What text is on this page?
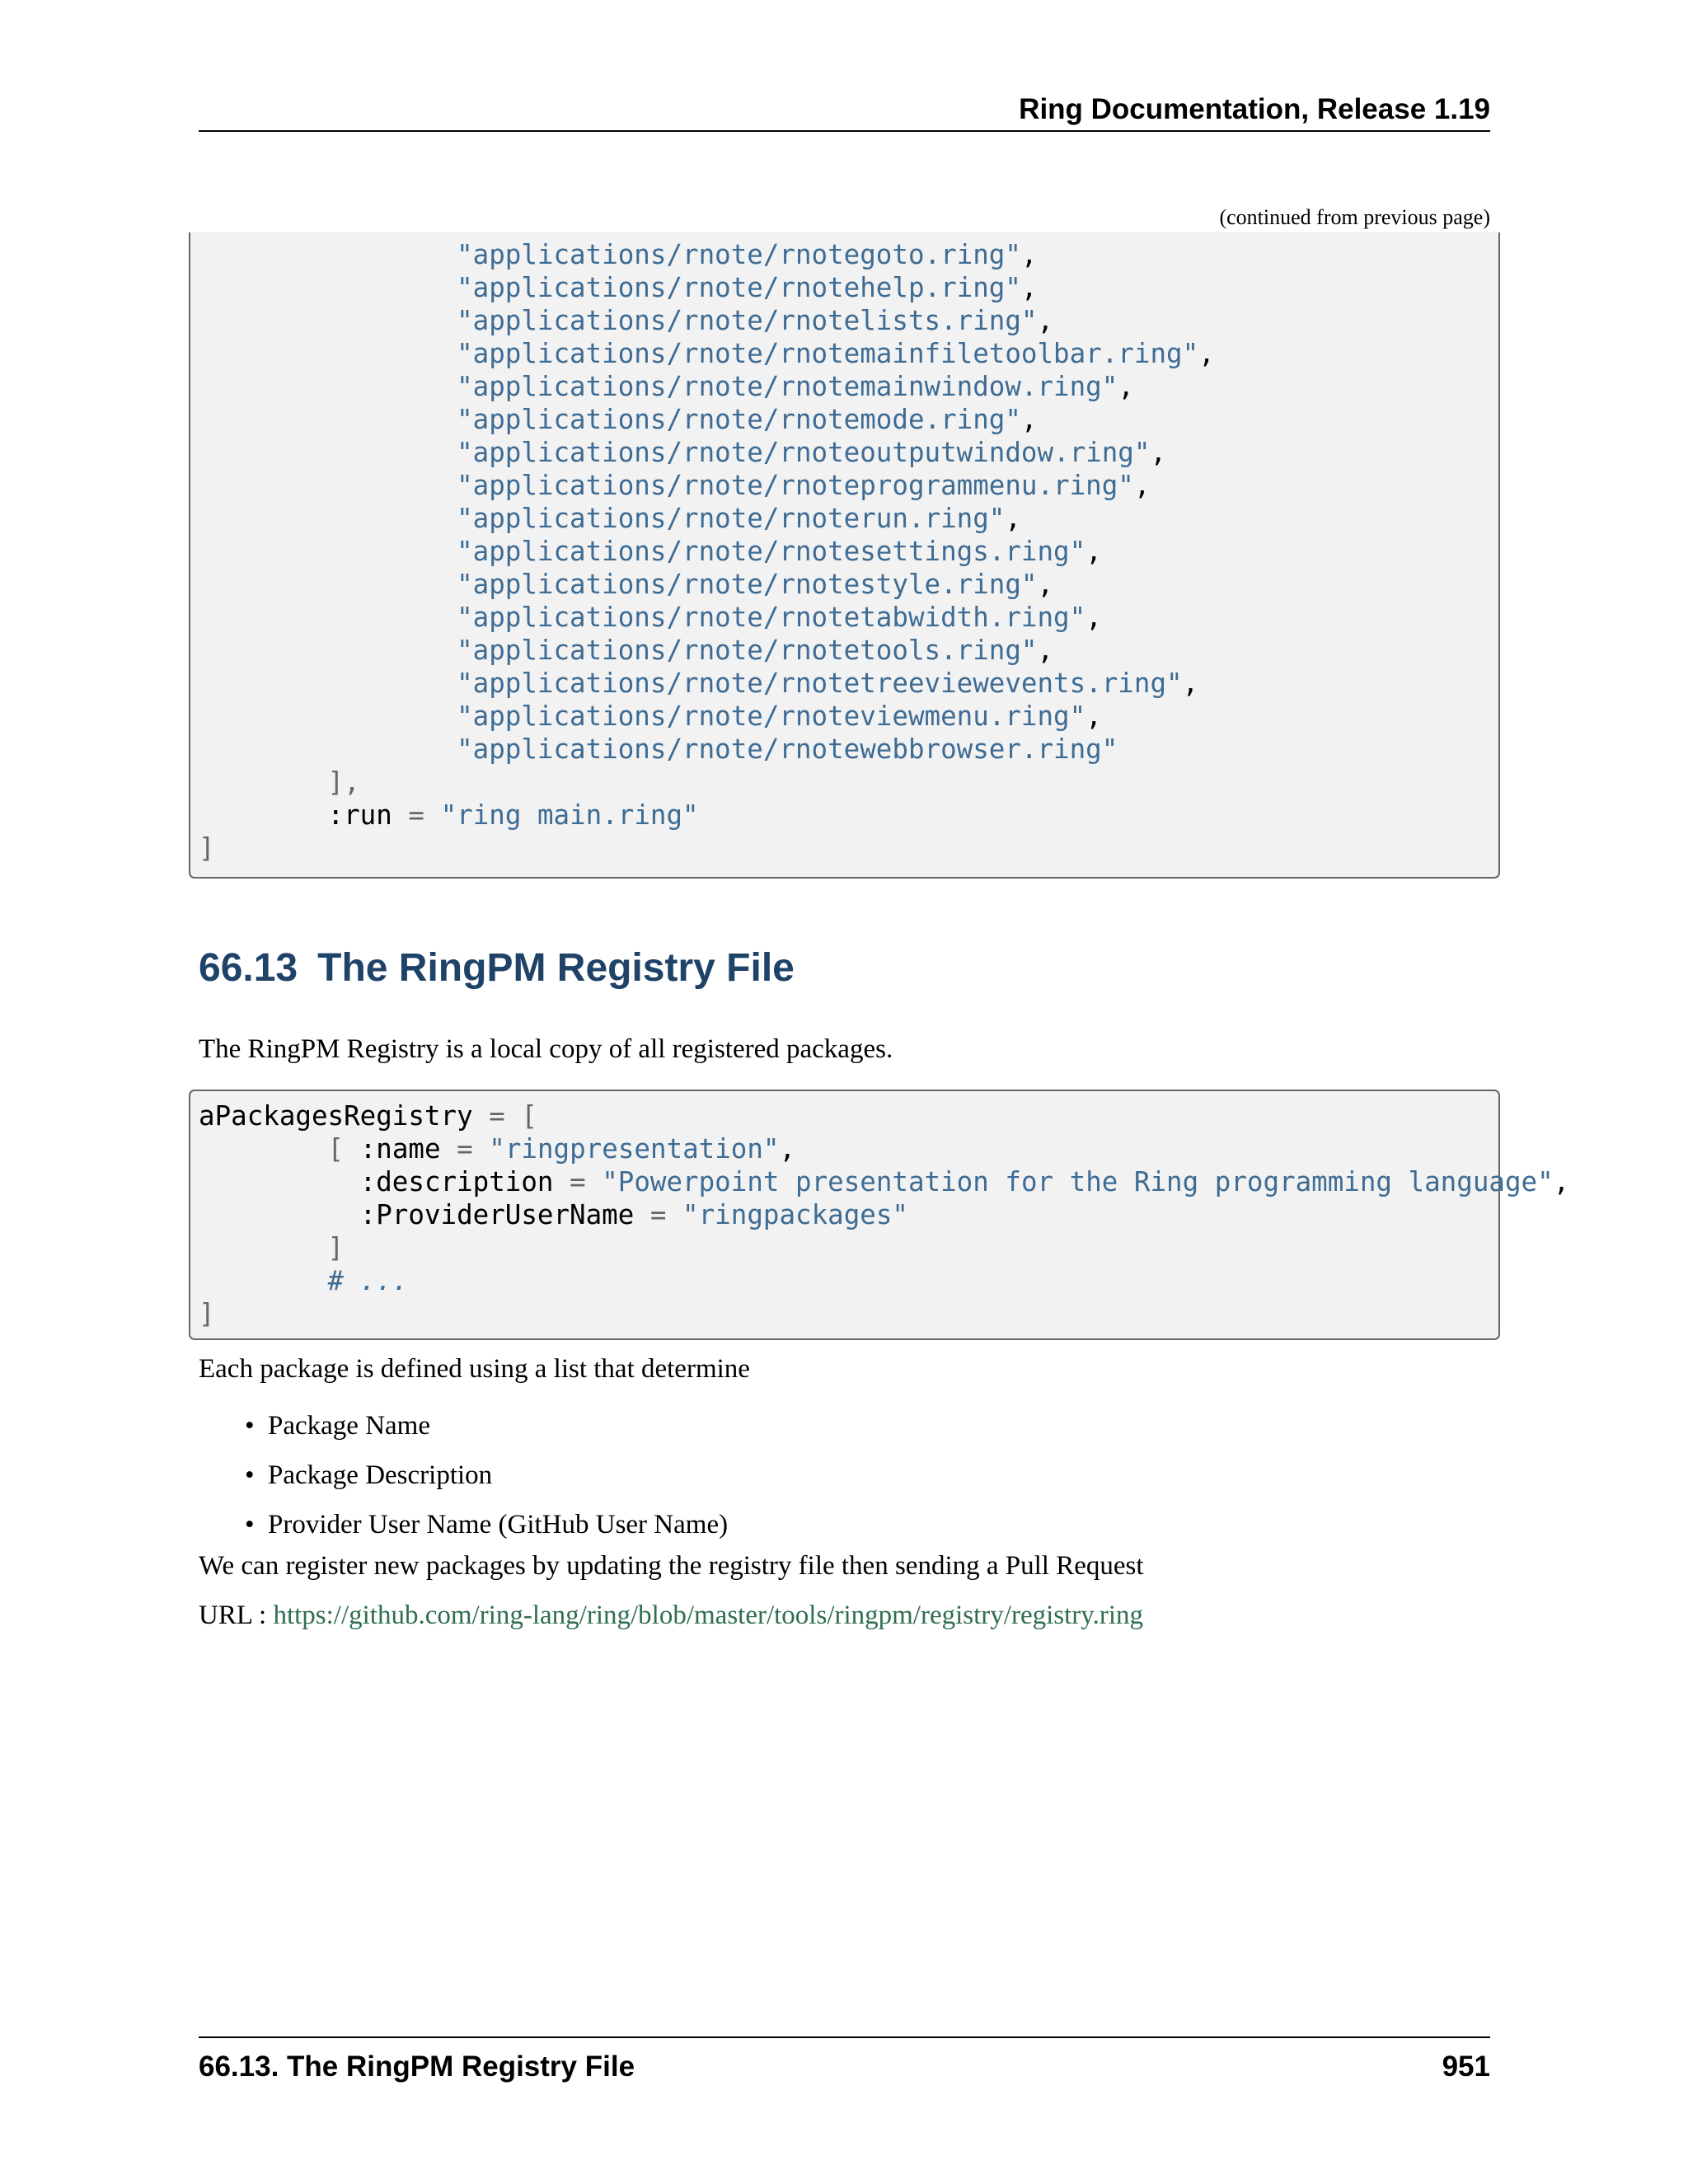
Ring Documentation, Release 1.19
(continued from previous page)
"applications/rnote/rnotegoto.ring",
"applications/rnote/rnotehelp.ring",
"applications/rnote/rnotelists.ring",
"applications/rnote/rnotemainfiletoolbar.ring",
"applications/rnote/rnotemainwindow.ring",
"applications/rnote/rnotemode.ring",
"applications/rnote/rnoteoutputwindow.ring",
"applications/rnote/rnoteprogrammenu.ring",
"applications/rnote/rnoterun.ring",
"applications/rnote/rnotesettings.ring",
"applications/rnote/rnotestyle.ring",
"applications/rnote/rnotetabwidth.ring",
"applications/rnote/rnotetools.ring",
"applications/rnote/rnotetreeviewevents.ring",
"applications/rnote/rnoteviewmenu.ring",
"applications/rnote/rnotewebbrowser.ring"
],
:run = "ring main.ring"
]
66.13 The RingPM Registry File

The RingPM Registry is a local copy of all registered packages.

aPackagesRegistry = [
[ :name = "ringpresentation",
:description = "Powerpoint presentation for the Ring programming language",
:ProviderUserName = "ringpackages"
]
# ...
]

Each package is defined using a list that determine

• Package Name
• Package Description
• Provider User Name (GitHub User Name)

We can register new packages by updating the registry file then sending a Pull Request

URL : https://github.com/ring-lang/ring/blob/master/tools/ringpm/registry/registry.ring

66.13. The RingPM Registry File	951
